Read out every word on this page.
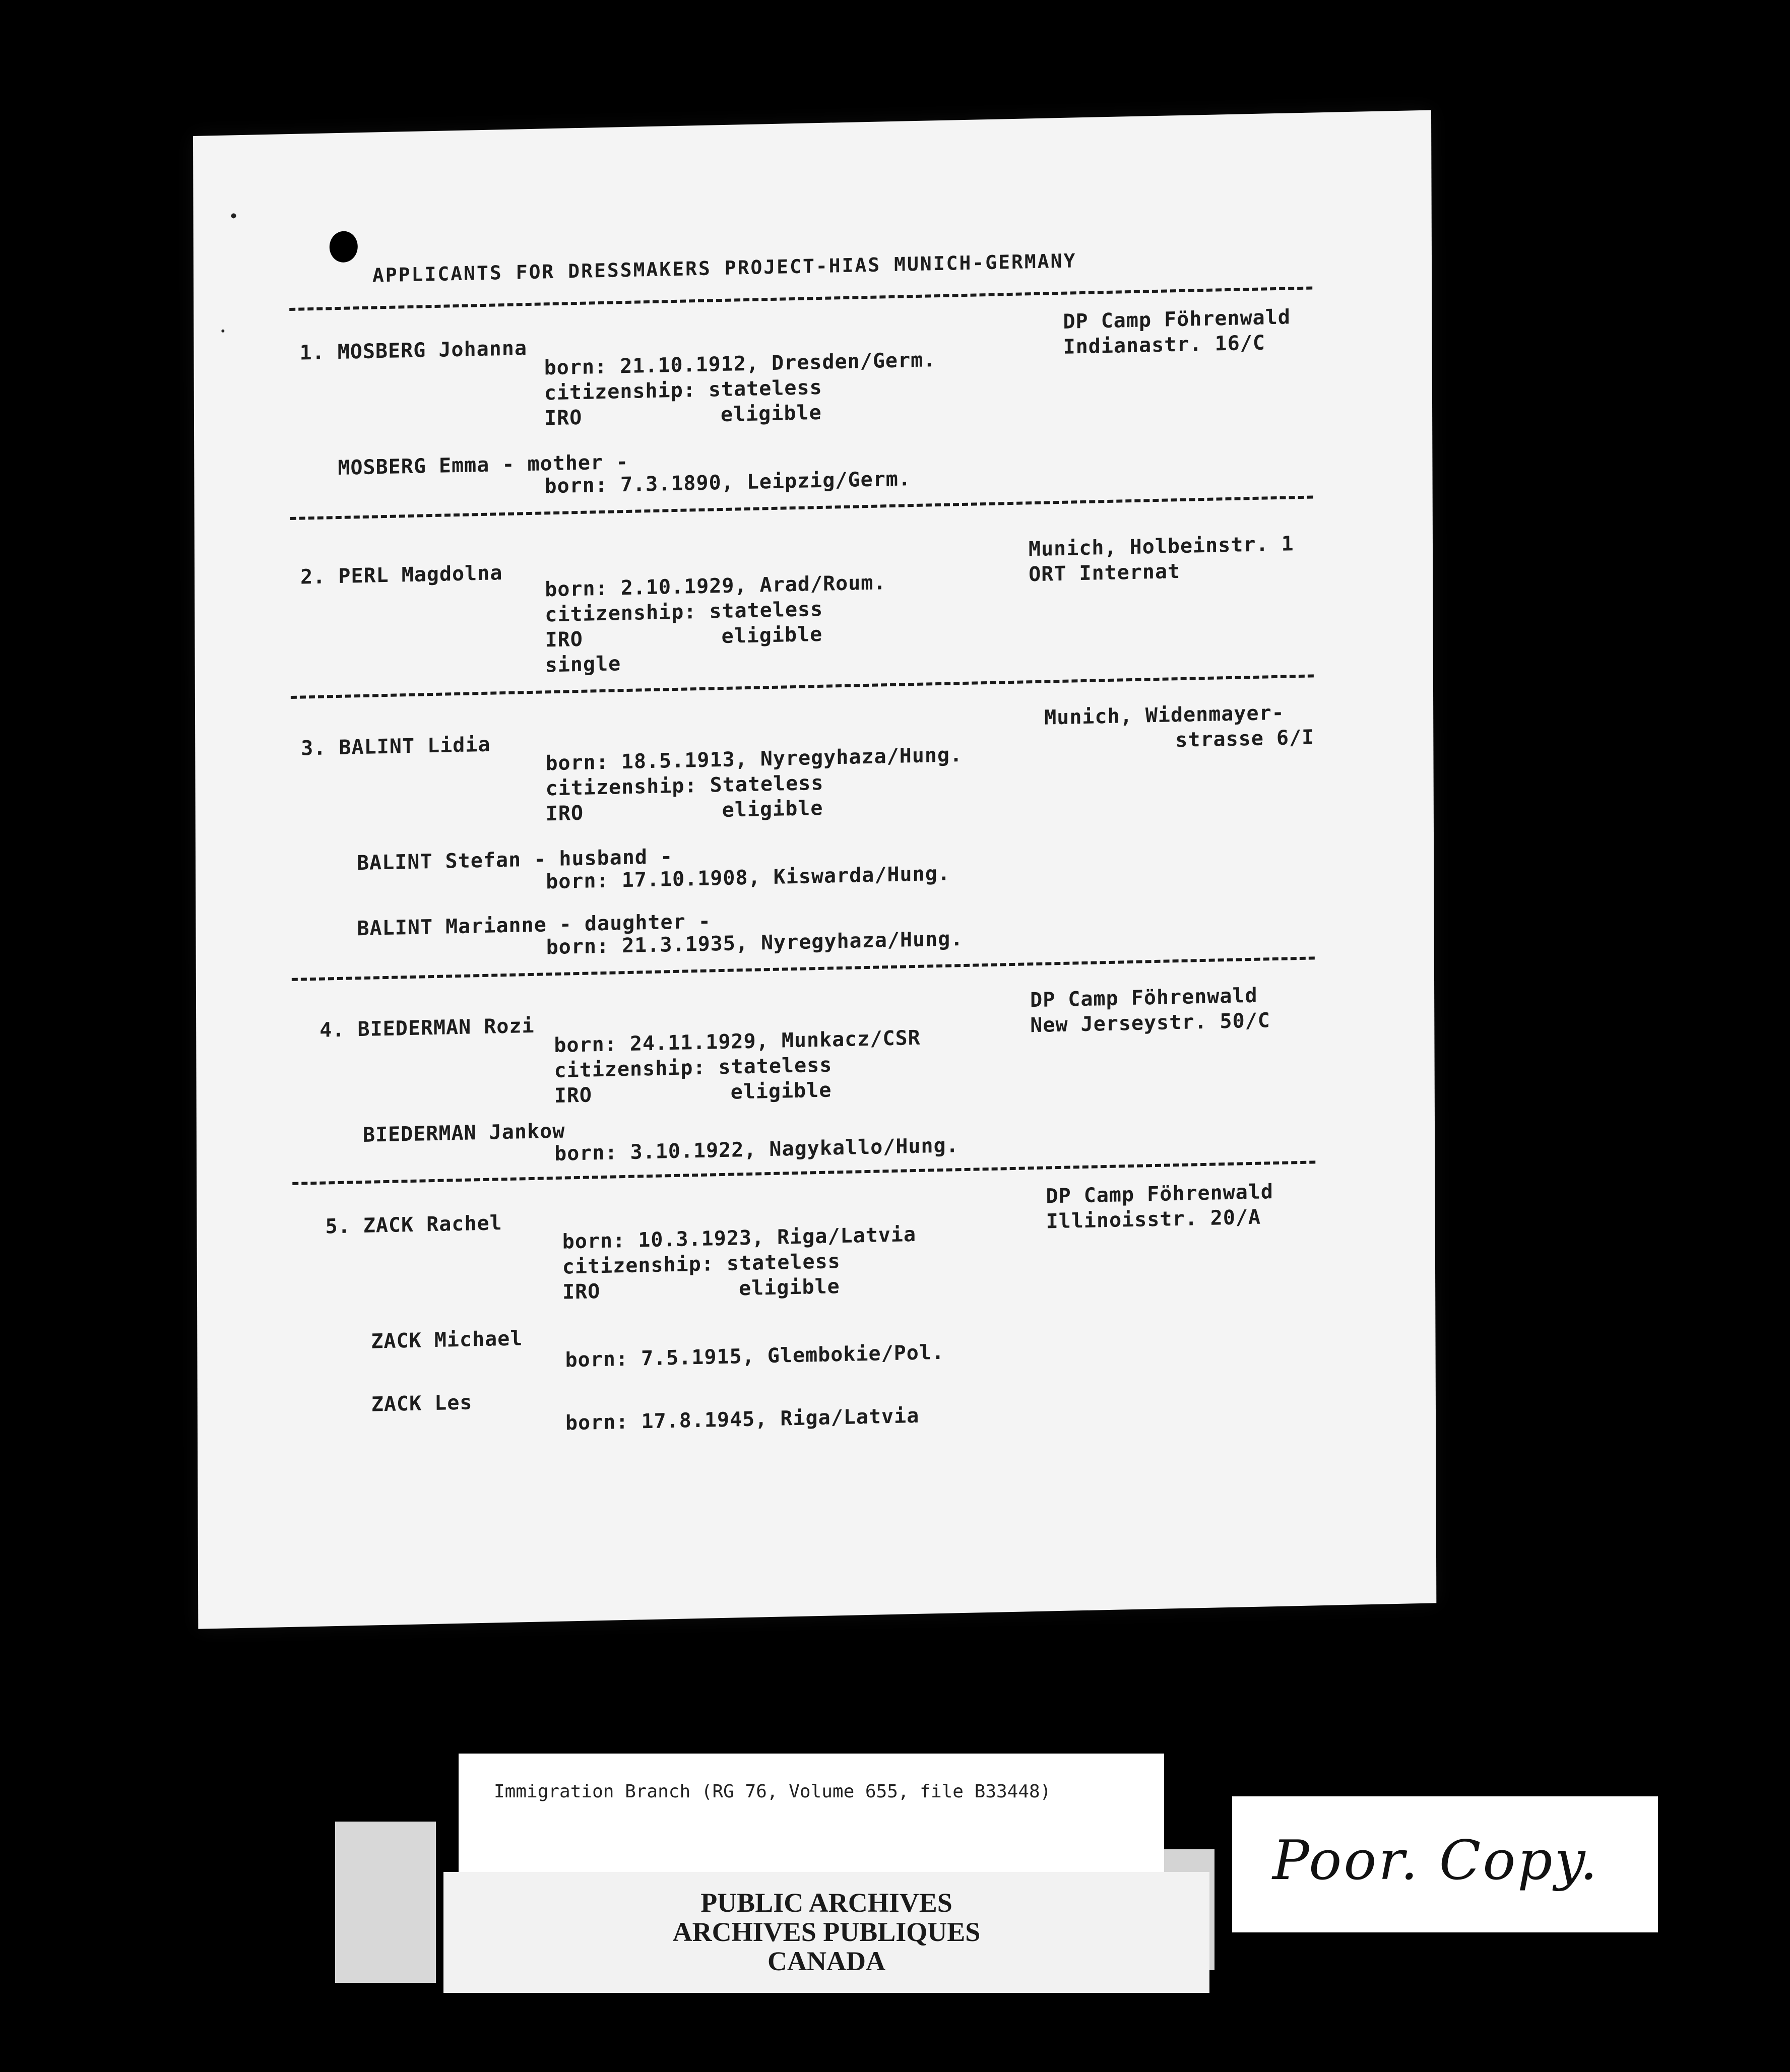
APPLICANTS FOR DRESSMAKERS PROJECT-HIAS MUNICH-GERMANY
1. MOSBERG Johanna
DP Camp Föhrenwald
Indianastr. 16/C
born: 21.10.1912, Dresden/Germ.
citizenship: stateless
IRO	eligible
MOSBERG Emma - mother -
born: 7.3.1890, Leipzig/Germ.
2. PERL Magdolna
Munich, Holbeinstr. 1
ORT Internat
born: 2.10.1929, Arad/Roum.
citizenship: stateless
IRO	eligible
single
3. BALINT Lidia
Munich, Widenmayer-
strasse 6/I
born: 18.5.1913, Nyregyhaza/Hung.
citizenship: Stateless
IRO	eligible
BALINT Stefan - husband -
born: 17.10.1908, Kiswarda/Hung.
BALINT Marianne - daughter -
born: 21.3.1935, Nyregyhaza/Hung.
4. BIEDERMAN Rozi
DP Camp Föhrenwald
New Jerseystr. 50/C
born: 24.11.1929, Munkacz/CSR
citizenship: stateless
IRO	eligible
BIEDERMAN Jankow
born: 3.10.1922, Nagykallo/Hung.
5. ZACK Rachel
DP Camp Föhrenwald
Illinoisstr. 20/A
born: 10.3.1923, Riga/Latvia
citizenship: stateless
IRO	eligible
ZACK Michael
born: 7.5.1915, Glembokie/Pol.
ZACK Les
born: 17.8.1945, Riga/Latvia
Immigration Branch (RG 76, Volume 655, file B33448)
PUBLIC ARCHIVES
ARCHIVES PUBLIQUES
CANADA
Poor. Copy.
